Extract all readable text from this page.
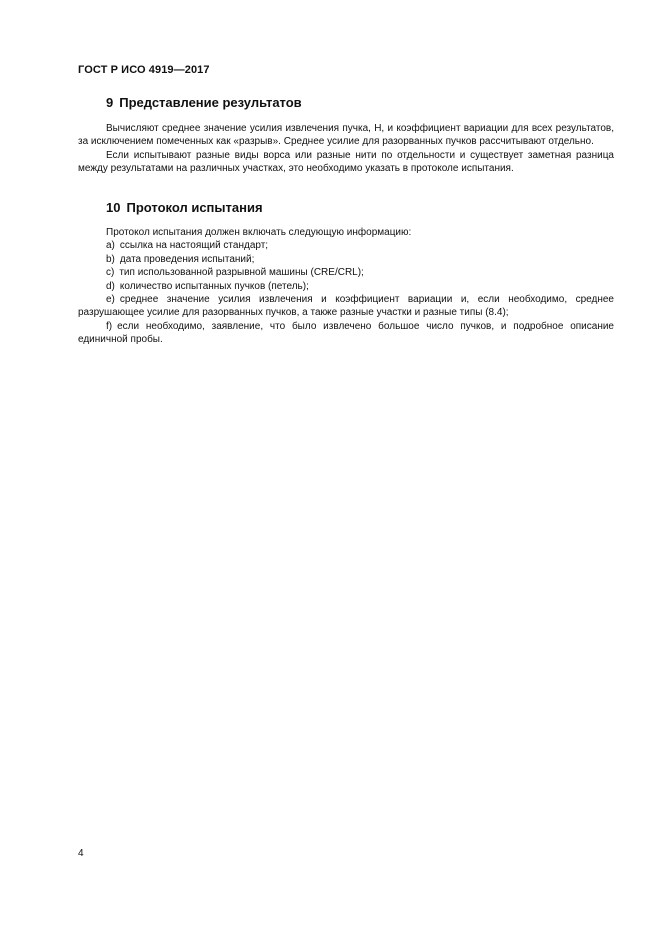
ГОСТ Р ИСО 4919—2017
9 Представление результатов

Вычисляют среднее значение усилия извлечения пучка, H, и коэффициент вариации для всех результатов, за исключением помеченных как «разрыв». Среднее усилие для разорванных пучков рассчитывают отдельно.

Если испытывают разные виды ворса или разные нити по отдельности и существует заметная разница между результатами на различных участках, это необходимо указать в протоколе испытания.

10 Протокол испытания

Протокол испытания должен включать следующую информацию:

a) ссылка на настоящий стандарт;

b) дата проведения испытаний;

c) тип использованной разрывной машины (CRE/CRL);

d) количество испытанных пучков (петель);

e) среднее значение усилия извлечения и коэффициент вариации и, если необходимо, среднее разрушающее усилие для разорванных пучков, а также разные участки и разные типы (8.4);

f) если необходимо, заявление, что было извлечено большое число пучков, и подробное описание единичной пробы.

4
